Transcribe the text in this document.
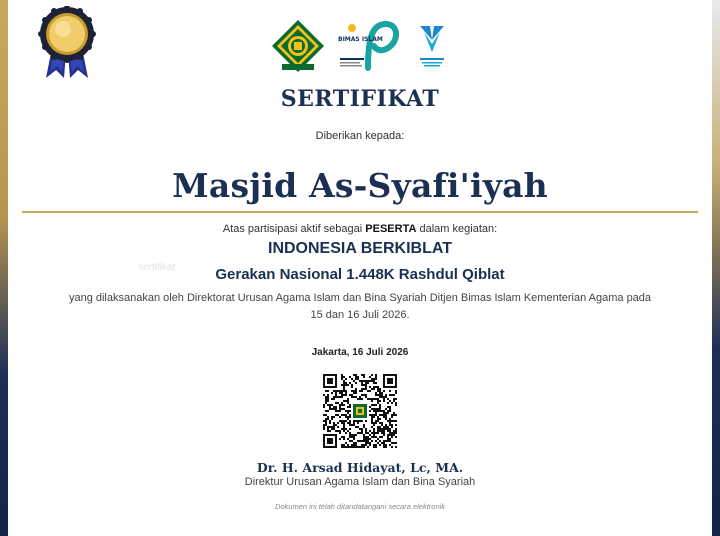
BIMAS ISLAM
SERTIFIKAT
Diberikan kepada:
Masjid As-Syafi'iyah
Atas partisipasi aktif sebagai PESERTA dalam kegiatan:
sertifikat
INDONESIA BERKIBLAT
Gerakan Nasional 1.448K Rashdul Qiblat
yang dilaksanakan oleh Direktorat Urusan Agama Islam dan Bina Syariah Ditjen Bimas Islam Kementerian Agama pada 15 dan 16 Juli 2026.
Jakarta, 16 Juli 2026
Dr. H. Arsad Hidayat, Lc, MA.
Direktur Urusan Agama Islam dan Bina Syariah
Dokumen ini telah ditandatangani secara elektronik
